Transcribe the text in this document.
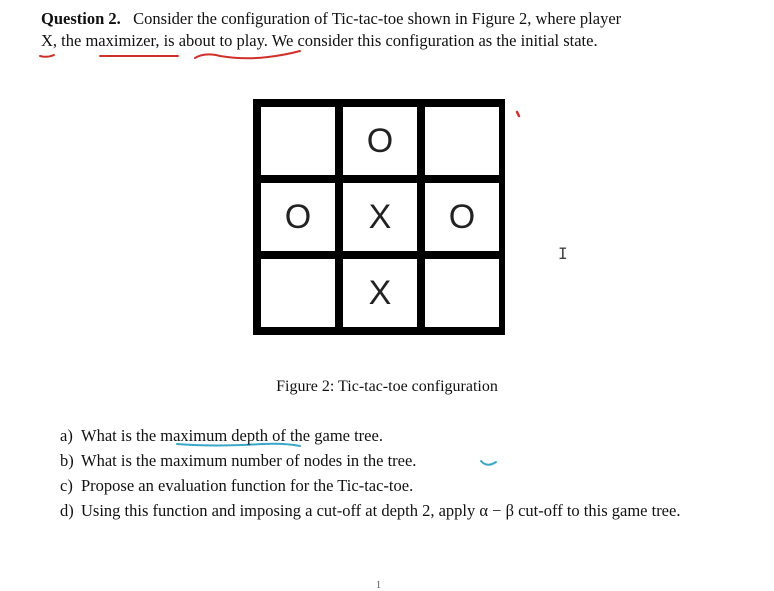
Question 2. Consider the configuration of Tic-tac-toe shown in Figure 2, where player
X, the maximizer, is about to play. We consider this configuration as the initial state.
O
O	X	O
X
I
Figure 2: Tic-tac-toe configuration
a) What is the maximum depth of the game tree.
b) What is the maximum number of nodes in the tree.
c) Propose an evaluation function for the Tic-tac-toe.
d) Using this function and imposing a cut-off at depth 2, apply α − β cut-off to this game tree.
1
